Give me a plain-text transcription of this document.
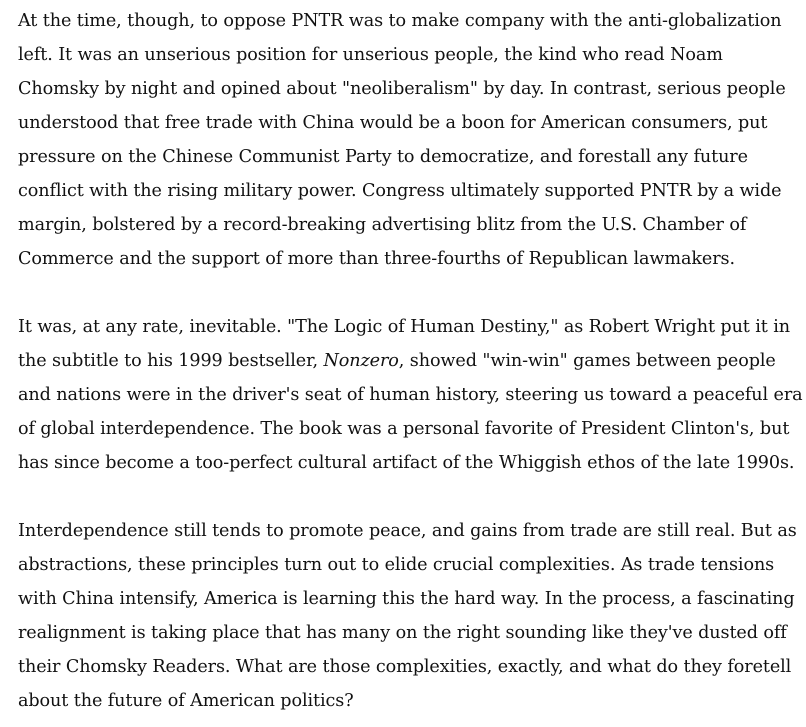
At the time, though, to oppose PNTR was to make company with the anti-globalization
left. It was an unserious position for unserious people, the kind who read Noam
Chomsky by night and opined about "neoliberalism" by day. In contrast, serious people
understood that free trade with China would be a boon for American consumers, put
pressure on the Chinese Communist Party to democratize, and forestall any future
conflict with the rising military power. Congress ultimately supported PNTR by a wide
margin, bolstered by a record-breaking advertising blitz from the U.S. Chamber of
Commerce and the support of more than three-fourths of Republican lawmakers.

It was, at any rate, inevitable. "The Logic of Human Destiny," as Robert Wright put it in
the subtitle to his 1999 bestseller, Nonzero, showed "win-win" games between people
and nations were in the driver's seat of human history, steering us toward a peaceful era
of global interdependence. The book was a personal favorite of President Clinton's, but
has since become a too-perfect cultural artifact of the Whiggish ethos of the late 1990s.

Interdependence still tends to promote peace, and gains from trade are still real. But as
abstractions, these principles turn out to elide crucial complexities. As trade tensions
with China intensify, America is learning this the hard way. In the process, a fascinating
realignment is taking place that has many on the right sounding like they've dusted off
their Chomsky Readers. What are those complexities, exactly, and what do they foretell
about the future of American politics?
